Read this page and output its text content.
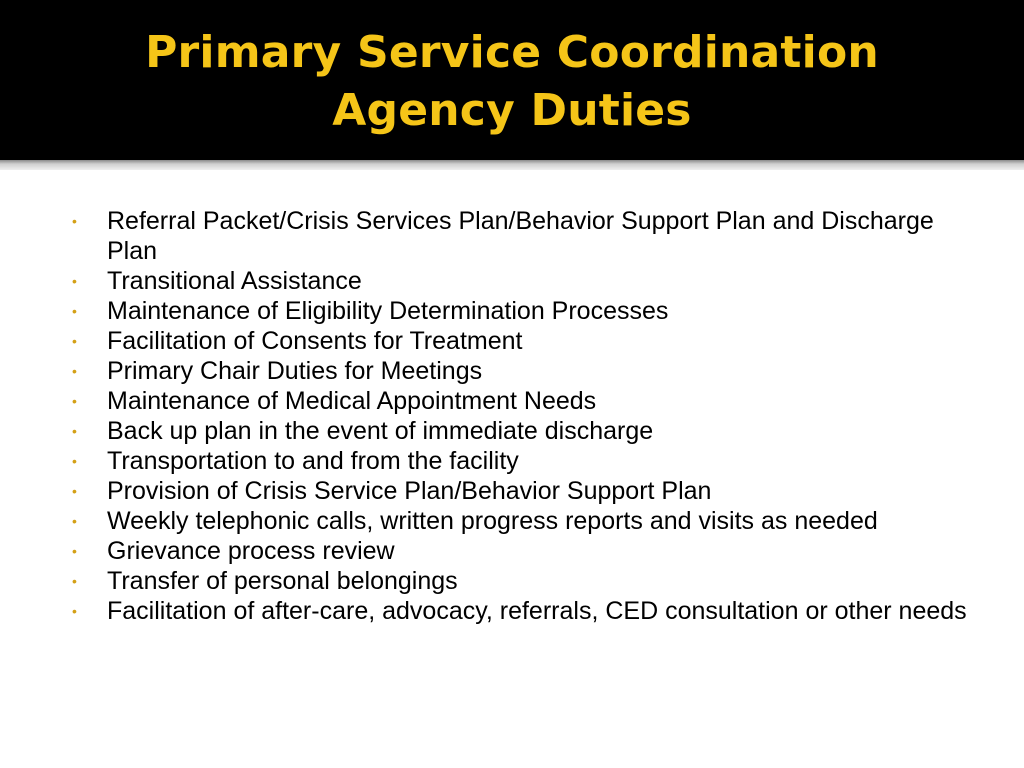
Primary Service Coordination
Agency Duties
•	Referral Packet/Crisis Services Plan/Behavior Support Plan and Discharge Plan
•	Transitional Assistance
•	Maintenance of Eligibility Determination Processes
•	Facilitation of Consents for Treatment
•	Primary Chair Duties for Meetings
•	Maintenance of Medical Appointment Needs
•	Back up plan in the event of immediate discharge
•	Transportation to and from the facility
•	Provision of Crisis Service Plan/Behavior Support Plan
•	Weekly telephonic calls, written progress reports and visits as needed
•	Grievance process review
•	Transfer of personal belongings
•	Facilitation of after-care, advocacy, referrals, CED consultation or other needs
